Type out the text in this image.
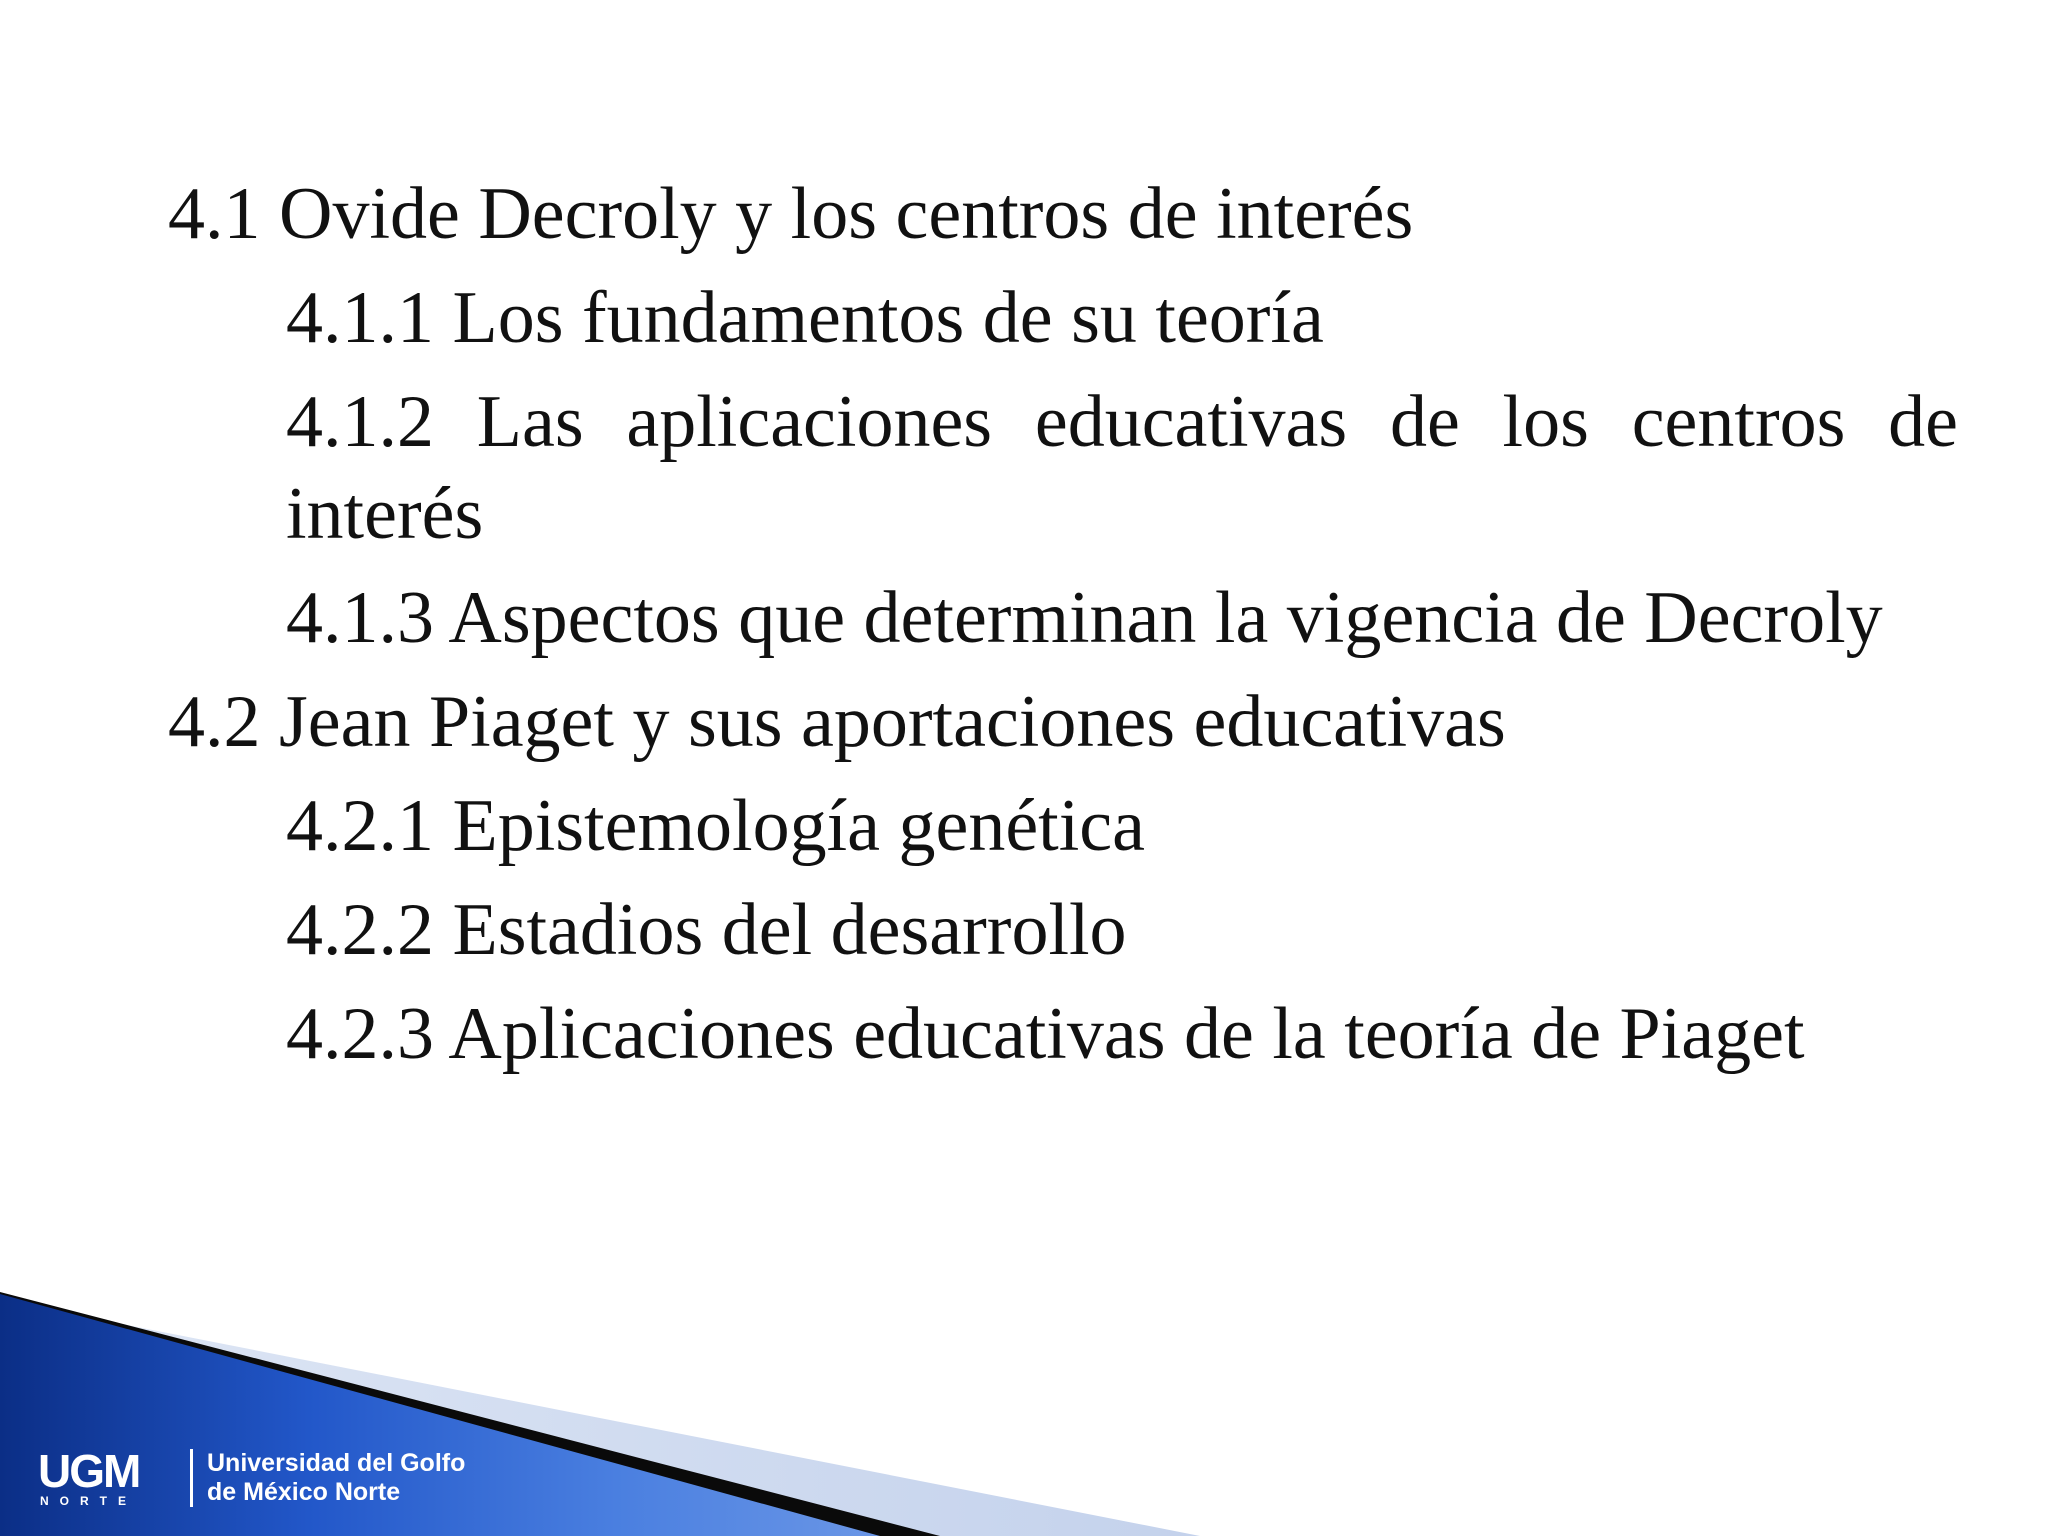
4.1 Ovide Decroly y los centros de interés
4.1.1 Los fundamentos de su teoría
4.1.2 Las aplicaciones educativas de los centros de interés
4.1.3 Aspectos que determinan la vigencia de Decroly
4.2 Jean Piaget y sus aportaciones educativas
4.2.1 Epistemología genética
4.2.2 Estadios del desarrollo
4.2.3 Aplicaciones educativas de la teoría de Piaget
UGM
NORTE
Universidad del Golfo
de México Norte
